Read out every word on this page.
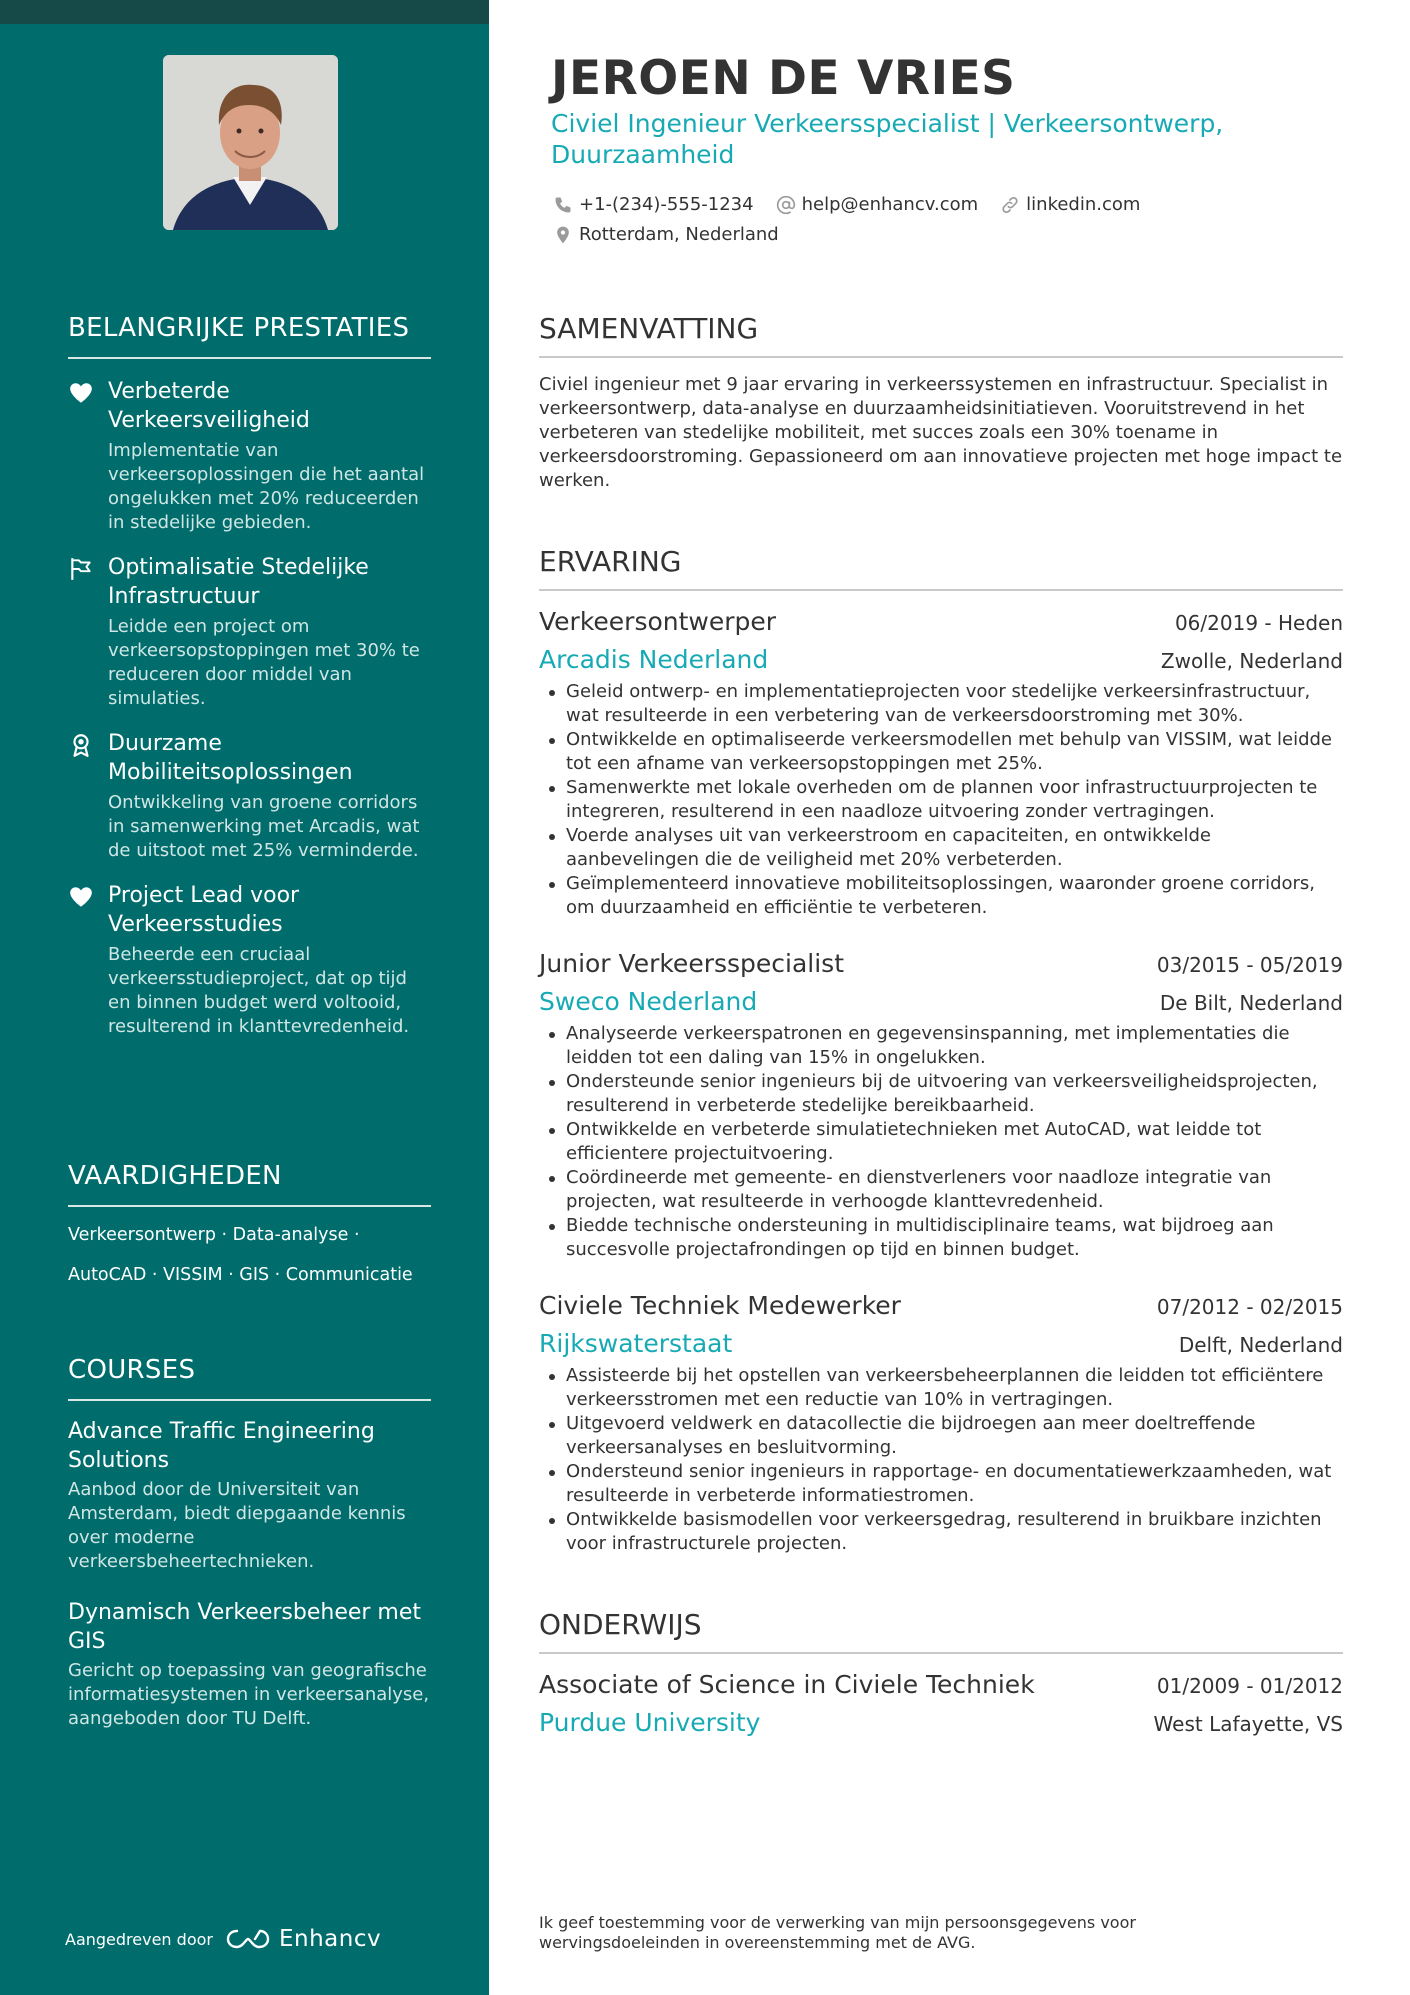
BELANGRIJKE PRESTATIES
Verbeterde Verkeersveiligheid
Implementatie van verkeersoplossingen die het aantal ongelukken met 20% reduceerden in stedelijke gebieden.
Optimalisatie Stedelijke Infrastructuur
Leidde een project om verkeersopstoppingen met 30% te reduceren door middel van simulaties.
Duurzame Mobiliteitsoplossingen
Ontwikkeling van groene corridors in samenwerking met Arcadis, wat de uitstoot met 25% verminderde.
Project Lead voor Verkeersstudies
Beheerde een cruciaal verkeersstudieproject, dat op tijd en binnen budget werd voltooid, resulterend in klanttevredenheid.
VAARDIGHEDEN
Verkeersontwerp · Data-analyse ·
AutoCAD · VISSIM · GIS · Communicatie
COURSES
Advance Traffic Engineering Solutions
Aanbod door de Universiteit van Amsterdam, biedt diepgaande kennis over moderne verkeersbeheertechnieken.
Dynamisch Verkeersbeheer met GIS
Gericht op toepassing van geografische informatiesystemen in verkeersanalyse, aangeboden door TU Delft.
Aangedreven door	Enhancv
JEROEN DE VRIES
Civiel Ingenieur Verkeersspecialist | Verkeersontwerp, Duurzaamheid
+1-(234)-555-1234	help@enhancv.com	linkedin.com
Rotterdam, Nederland
SAMENVATTING

Civiel ingenieur met 9 jaar ervaring in verkeerssystemen en infrastructuur. Specialist in verkeersontwerp, data-analyse en duurzaamheidsinitiatieven. Vooruitstrevend in het verbeteren van stedelijke mobiliteit, met succes zoals een 30% toename in verkeersdoorstroming. Gepassioneerd om aan innovatieve projecten met hoge impact te werken.

ERVARING
Verkeersontwerper	06/2019 - Heden
Arcadis Nederland	Zwolle, Nederland
Geleid ontwerp- en implementatieprojecten voor stedelijke verkeersinfrastructuur, wat resulteerde in een verbetering van de verkeersdoorstroming met 30%.
Ontwikkelde en optimaliseerde verkeersmodellen met behulp van VISSIM, wat leidde tot een afname van verkeersopstoppingen met 25%.
Samenwerkte met lokale overheden om de plannen voor infrastructuurprojecten te integreren, resulterend in een naadloze uitvoering zonder vertragingen.
Voerde analyses uit van verkeerstroom en capaciteiten, en ontwikkelde aanbevelingen die de veiligheid met 20% verbeterden.
Geïmplementeerd innovatieve mobiliteitsoplossingen, waaronder groene corridors, om duurzaamheid en efficiëntie te verbeteren.
Junior Verkeersspecialist	03/2015 - 05/2019
Sweco Nederland	De Bilt, Nederland
Analyseerde verkeerspatronen en gegevensinspanning, met implementaties die leidden tot een daling van 15% in ongelukken.
Ondersteunde senior ingenieurs bij de uitvoering van verkeersveiligheidsprojecten, resulterend in verbeterde stedelijke bereikbaarheid.
Ontwikkelde en verbeterde simulatietechnieken met AutoCAD, wat leidde tot efficientere projectuitvoering.
Coördineerde met gemeente- en dienstverleners voor naadloze integratie van projecten, wat resulteerde in verhoogde klanttevredenheid.
Biedde technische ondersteuning in multidisciplinaire teams, wat bijdroeg aan succesvolle projectafrondingen op tijd en binnen budget.
Civiele Techniek Medewerker	07/2012 - 02/2015
Rijkswaterstaat	Delft, Nederland
Assisteerde bij het opstellen van verkeersbeheerplannen die leidden tot efficiëntere verkeersstromen met een reductie van 10% in vertragingen.
Uitgevoerd veldwerk en datacollectie die bijdroegen aan meer doeltreffende verkeersanalyses en besluitvorming.
Ondersteund senior ingenieurs in rapportage- en documentatiewerkzaamheden, wat resulteerde in verbeterde informatiestromen.
Ontwikkelde basismodellen voor verkeersgedrag, resulterend in bruikbare inzichten voor infrastructurele projecten.
ONDERWIJS
Associate of Science in Civiele Techniek	01/2009 - 01/2012
Purdue University	West Lafayette, VS

Ik geef toestemming voor de verwerking van mijn persoonsgegevens voor wervingsdoeleinden in overeenstemming met de AVG.
